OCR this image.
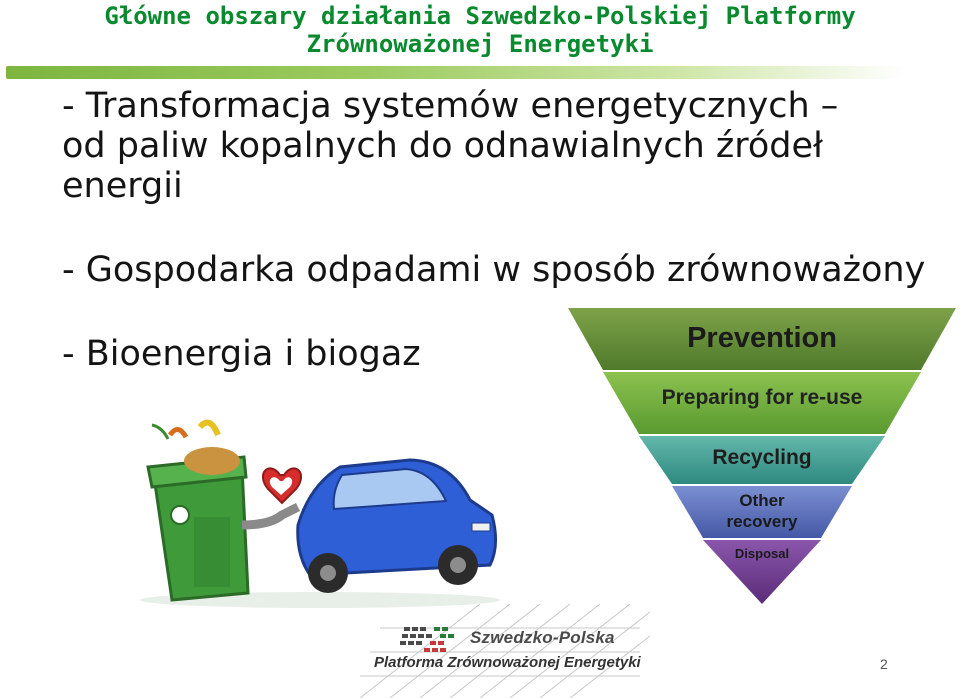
Główne obszary działania Szwedzko-Polskiej Platformy
Zrównoważonej Energetyki
- Transformacja systemów energetycznych –
od paliw kopalnych do odnawialnych źródeł
energii
- Gospodarka odpadami w sposób zrównoważony
- Bioenergia i biogaz	Prevention
Preparing for re-use
Recycling
Other recovery
Disposal
Szwedzko-Polska
Platforma Zrównoważonej Energetyki	2
